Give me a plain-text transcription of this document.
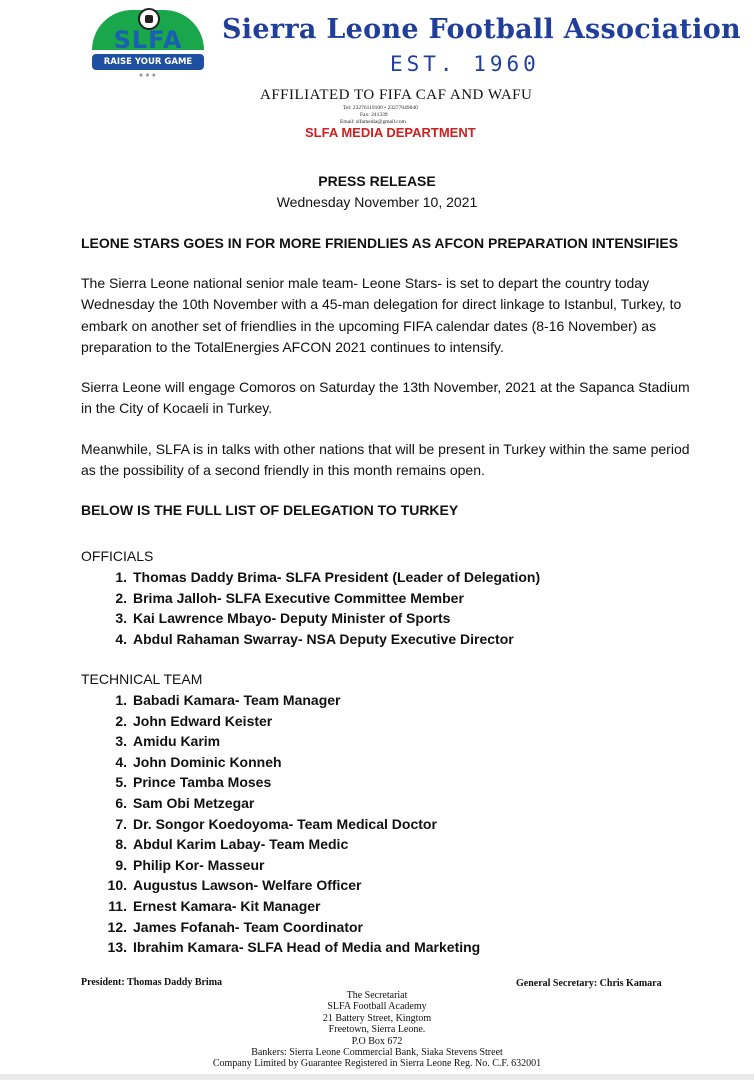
SLFA
RAISE YOUR GAME
★★★
Sierra Leone Football Association
EST. 1960
AFFILIATED TO FIFA CAF AND WAFU
Tel: 23276119100 • 23277049040
Fax: 241339
Email: slfamedia@gmail.com
SLFA MEDIA DEPARTMENT
PRESS RELEASE
Wednesday November 10, 2021
LEONE STARS GOES IN FOR MORE FRIENDLIES AS AFCON PREPARATION INTENSIFIES
The Sierra Leone national senior male team- Leone Stars- is set to depart the country today Wednesday the 10th November with a 45-man delegation for direct linkage to Istanbul, Turkey, to embark on another set of friendlies in the upcoming FIFA calendar dates (8-16 November) as preparation to the TotalEnergies AFCON 2021 continues to intensify.
Sierra Leone will engage Comoros on Saturday the 13th November, 2021 at the Sapanca Stadium in the City of Kocaeli in Turkey.
Meanwhile, SLFA is in talks with other nations that will be present in Turkey within the same period as the possibility of a second friendly in this month remains open.
BELOW IS THE FULL LIST OF DELEGATION TO TURKEY
OFFICIALS
1. Thomas Daddy Brima- SLFA President (Leader of Delegation)
2. Brima Jalloh- SLFA Executive Committee Member
3. Kai Lawrence Mbayo- Deputy Minister of Sports
4. Abdul Rahaman Swarray- NSA Deputy Executive Director
TECHNICAL TEAM
1. Babadi Kamara- Team Manager
2. John Edward Keister
3. Amidu Karim
4. John Dominic Konneh
5. Prince Tamba Moses
6. Sam Obi Metzegar
7. Dr. Songor Koedoyoma- Team Medical Doctor
8. Abdul Karim Labay- Team Medic
9. Philip Kor- Masseur
10. Augustus Lawson- Welfare Officer
11. Ernest Kamara- Kit Manager
12. James Fofanah- Team Coordinator
13. Ibrahim Kamara- SLFA Head of Media and Marketing
President: Thomas Daddy Brima	General Secretary: Chris Kamara
The Secretariat
SLFA Football Academy
21 Battery Street, Kingtom
Freetown, Sierra Leone.
P.O Box 672
Bankers: Sierra Leone Commercial Bank, Siaka Stevens Street
Company Limited by Guarantee Registered in Sierra Leone Reg. No. C.F. 632001
